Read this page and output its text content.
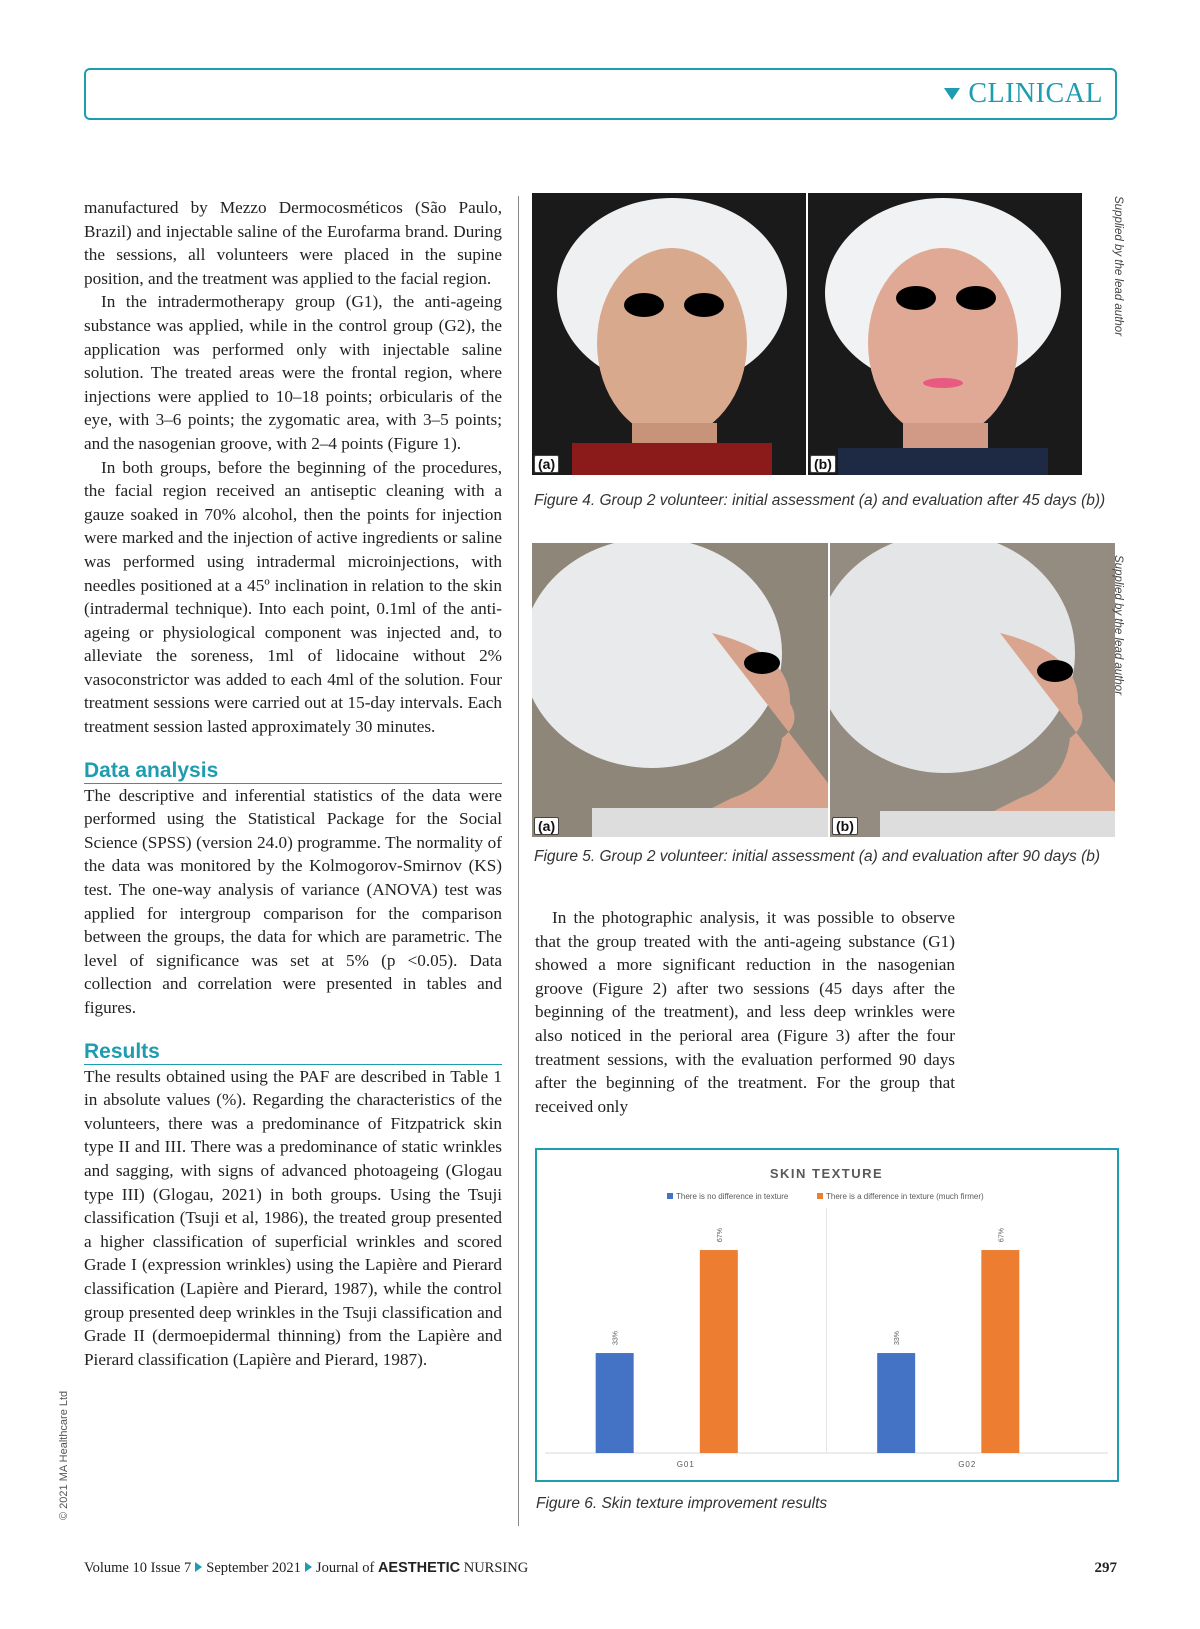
CLINICAL

manufactured by Mezzo Dermocosméticos (São Paulo, Brazil) and injectable saline of the Eurofarma brand. During the sessions, all volunteers were placed in the supine position, and the treatment was applied to the facial region.

In the intradermotherapy group (G1), the anti-ageing substance was applied, while in the control group (G2), the application was performed only with injectable saline solution. The treated areas were the frontal region, where injections were applied to 10–18 points; orbicularis of the eye, with 3–6 points; the zygomatic area, with 3–5 points; and the nasogenian groove, with 2–4 points (Figure 1).

In both groups, before the beginning of the procedures, the facial region received an antiseptic cleaning with a gauze soaked in 70% alcohol, then the points for injection were marked and the injection of active ingredients or saline was performed using intradermal microinjections, with needles positioned at a 45º inclination in relation to the skin (intradermal technique). Into each point, 0.1ml of the anti-ageing or physiological component was injected and, to alleviate the soreness, 1ml of lidocaine without 2% vasoconstrictor was added to each 4ml of the solution. Four treatment sessions were carried out at 15-day intervals. Each treatment session lasted approximately 30 minutes.

Data analysis

The descriptive and inferential statistics of the data were performed using the Statistical Package for the Social Science (SPSS) (version 24.0) programme. The normality of the data was monitored by the Kolmogorov-Smirnov (KS) test. The one-way analysis of variance (ANOVA) test was applied for intergroup comparison for the comparison between the groups, the data for which are parametric. The level of significance was set at 5% (p <0.05). Data collection and correlation were presented in tables and figures.

Results

The results obtained using the PAF are described in Table 1 in absolute values (%). Regarding the characteristics of the volunteers, there was a predominance of Fitzpatrick skin type II and III. There was a predominance of static wrinkles and sagging, with signs of advanced photoageing (Glogau type III) (Glogau, 2021) in both groups. Using the Tsuji classification (Tsuji et al, 1986), the treated group presented a higher classification of superficial wrinkles and scored Grade I (expression wrinkles) using the Lapière and Pierard classification (Lapière and Pierard, 1987), while the control group presented deep wrinkles in the Tsuji classification and Grade II (dermoepidermal thinning) from the Lapière and Pierard classification (Lapière and Pierard, 1987).

(a)	(b)
Figure 4. Group 2 volunteer: initial assessment (a) and evaluation after 45 days (b))
Supplied by the lead author
(a)	(b)
Figure 5. Group 2 volunteer: initial assessment (a) and evaluation after 90 days (b)
Supplied by the lead author

In the photographic analysis, it was possible to observe that the group treated with the anti-ageing substance (G1) showed a more significant reduction in the nasogenian groove (Figure 2) after two sessions (45 days after the beginning of the treatment), and less deep wrinkles were also noticed in the perioral area (Figure 3) after the four treatment sessions, with the evaluation performed 90 days after the beginning of the treatment. For the group that received only

SKIN TEXTURE
There is no difference in texture	There is a difference in texture (much firmer)
33%
67%
G01
33%
67%
G02
Figure 6. Skin texture improvement results
© 2021 MA Healthcare Ltd
Volume 10 Issue 7 September 2021 Journal of AESTHETIC NURSING	297
